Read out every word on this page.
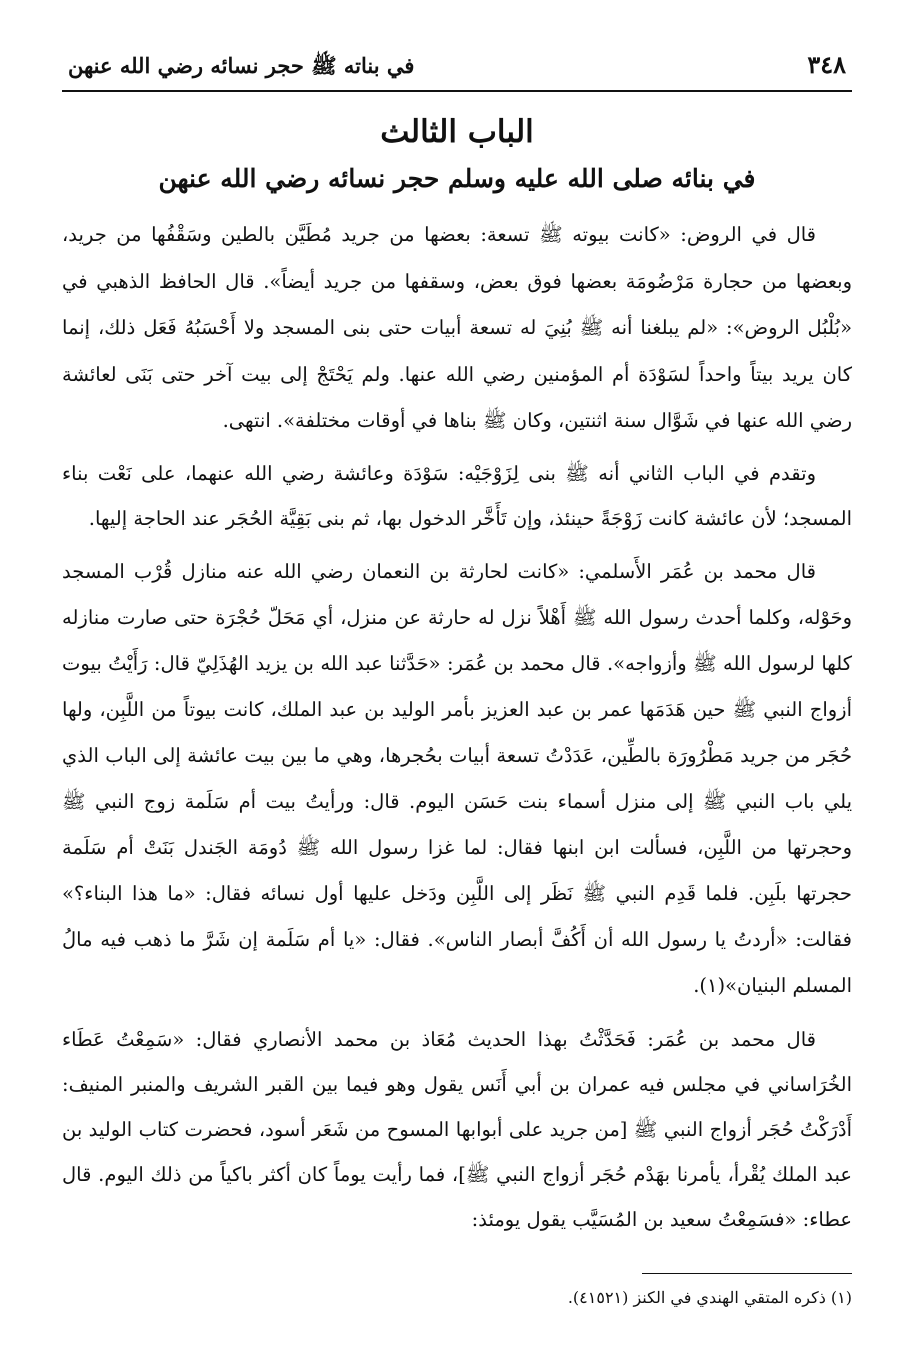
٣٤٨
في بناته ﷺ حجر نسائه رضي الله عنهن
الباب الثالث
في بنائه صلى الله عليه وسلم حجر نسائه رضي الله عنهن

قال في الروض: «كانت بيوته ﷺ تسعة: بعضها من جريد مُطَيَّن بالطين وسَقْفُها من جريد، وبعضها من حجارة مَرْضُومَة بعضها فوق بعض، وسقفها من جريد أيضاً». قال الحافظ الذهبي في «بُلْبُل الروض»: «لم يبلغنا أنه ﷺ بُنِيَ له تسعة أبيات حتى بنى المسجد ولا أَحْسَبُهُ فَعَل ذلك، إنما كان يريد بيتاً واحداً لسَوْدَة أم المؤمنين رضي الله عنها. ولم يَحْتَجْ إلى بيت آخر حتى بَنَى لعائشة رضي الله عنها في شَوَّال سنة اثنتين، وكان ﷺ بناها في أوقات مختلفة». انتهى.

وتقدم في الباب الثاني أنه ﷺ بنى لِزَوْجَيْه: سَوْدَة وعائشة رضي الله عنهما، على نَعْت بناء المسجد؛ لأن عائشة كانت زَوْجَةً حينئذ، وإن تَأَخَّر الدخول بها، ثم بنى بَقِيَّة الحُجَر عند الحاجة إليها.

قال محمد بن عُمَر الأَسلمي: «كانت لحارثة بن النعمان رضي الله عنه منازل قُرْب المسجد وحَوْله، وكلما أحدث رسول الله ﷺ أَهْلاً نزل له حارثة عن منزل، أي مَحَلّ حُجْرَة حتى صارت منازله كلها لرسول الله ﷺ وأزواجه». قال محمد بن عُمَر: «حَدَّثنا عبد الله بن يزيد الهُذَلِيّ قال: رَأَيْتُ بيوت أزواج النبي ﷺ حين هَدَمَها عمر بن عبد العزيز بأمر الوليد بن عبد الملك، كانت بيوتاً من اللَّبِن، ولها حُجَر من جريد مَطْرُورَة بالطِّين، عَدَدْتُ تسعة أبيات بحُجرها، وهي ما بين بيت عائشة إلى الباب الذي يلي باب النبي ﷺ إلى منزل أسماء بنت حَسَن اليوم. قال: ورأيتُ بيت أم سَلَمة زوج النبي ﷺ وحجرتها من اللَّبِن، فسألت ابن ابنها فقال: لما غزا رسول الله ﷺ دُومَة الجَندل بَنَتْ أم سَلَمة حجرتها بلَبِن. فلما قَدِم النبي ﷺ نَظَر إلى اللَّبِن ودَخل عليها أول نسائه فقال: «ما هذا البناء؟» فقالت: «أردتُ يا رسول الله أن أَكُفَّ أبصار الناس». فقال: «يا أم سَلَمة إن شَرَّ ما ذهب فيه مالُ المسلم البنيان»(١).

قال محمد بن عُمَر: فَحَدَّثْتُ بهذا الحديث مُعَاذ بن محمد الأنصاري فقال: «سَمِعْتُ عَطَاء الخُرَاساني في مجلس فيه عمران بن أبي أَنَس يقول وهو فيما بين القبر الشريف والمنبر المنيف: أَدْرَكْتُ حُجَر أزواج النبي ﷺ [من جريد على أبوابها المسوح من شَعَر أسود، فحضرت كتاب الوليد بن عبد الملك يُقْرأ، يأمرنا بهَدْم حُجَر أزواج النبي ﷺ]، فما رأيت يوماً كان أكثر باكياً من ذلك اليوم. قال عطاء: «فسَمِعْتُ سعيد بن المُسَيَّب يقول يومئذ:

(١) ذكره المتقي الهندي في الكنز (٤١٥٢١).
